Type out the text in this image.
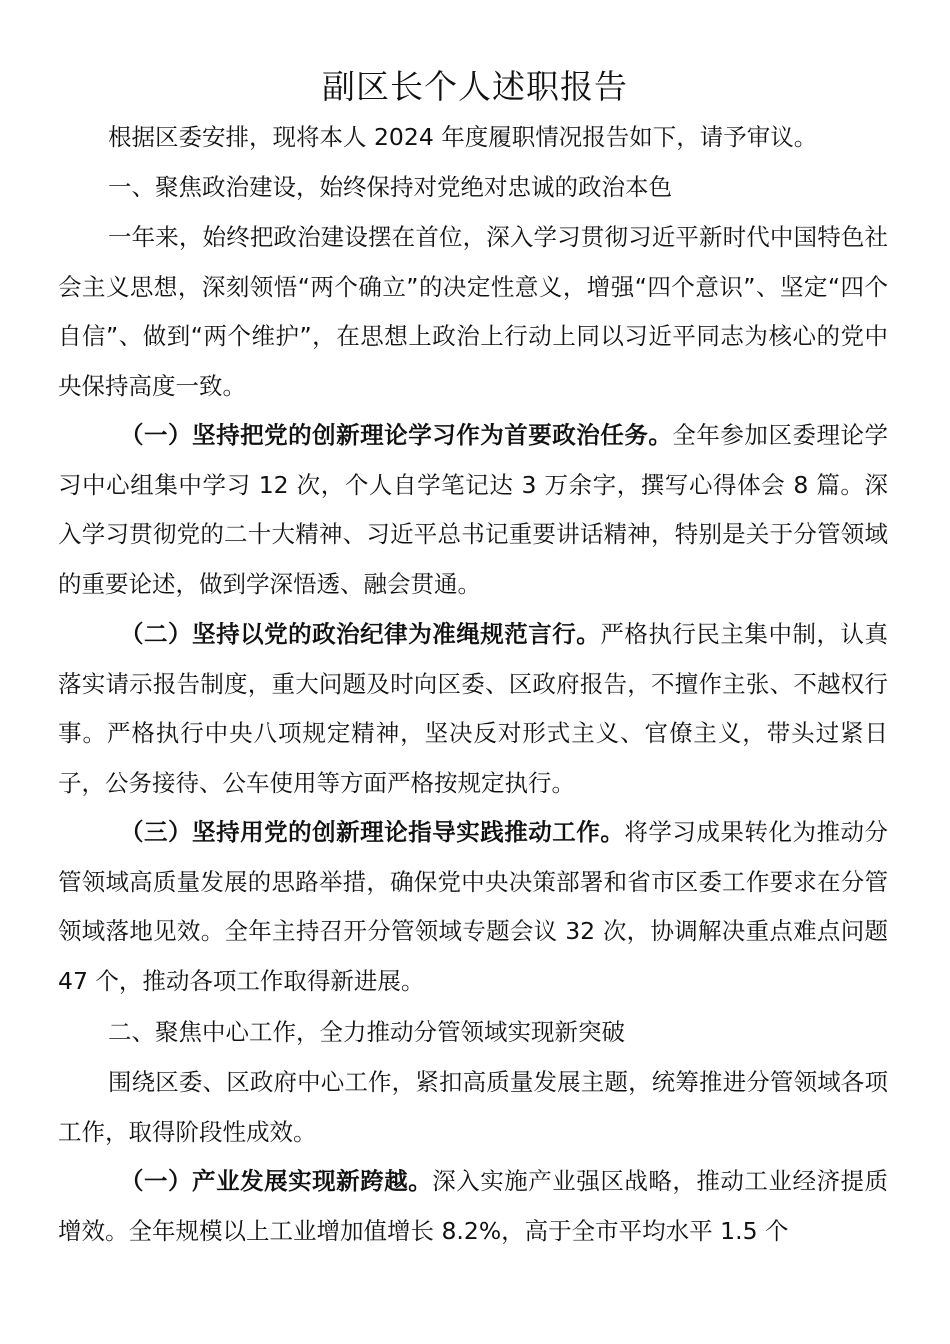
副区长个人述职报告

根据区委安排，现将本人 2024 年度履职情况报告如下，请予审议。

一、聚焦政治建设，始终保持对党绝对忠诚的政治本色

一年来，始终把政治建设摆在首位，深入学习贯彻习近平新时代中国特色社会主义思想，深刻领悟“两个确立”的决定性意义，增强“四个意识”、坚定“四个自信”、做到“两个维护”，在思想上政治上行动上同以习近平同志为核心的党中央保持高度一致。

（一）坚持把党的创新理论学习作为首要政治任务。全年参加区委理论学习中心组集中学习 12 次，个人自学笔记达 3 万余字，撰写心得体会 8 篇。深入学习贯彻党的二十大精神、习近平总书记重要讲话精神，特别是关于分管领域的重要论述，做到学深悟透、融会贯通。

（二）坚持以党的政治纪律为准绳规范言行。严格执行民主集中制，认真落实请示报告制度，重大问题及时向区委、区政府报告，不擅作主张、不越权行事。严格执行中央八项规定精神，坚决反对形式主义、官僚主义，带头过紧日子，公务接待、公车使用等方面严格按规定执行。

（三）坚持用党的创新理论指导实践推动工作。将学习成果转化为推动分管领域高质量发展的思路举措，确保党中央决策部署和省市区委工作要求在分管领域落地见效。全年主持召开分管领域专题会议 32 次，协调解决重点难点问题 47 个，推动各项工作取得新进展。

二、聚焦中心工作，全力推动分管领域实现新突破

围绕区委、区政府中心工作，紧扣高质量发展主题，统筹推进分管领域各项工作，取得阶段性成效。

（一）产业发展实现新跨越。深入实施产业强区战略，推动工业经济提质增效。全年规模以上工业增加值增长 8.2%，高于全市平均水平 1.5 个
